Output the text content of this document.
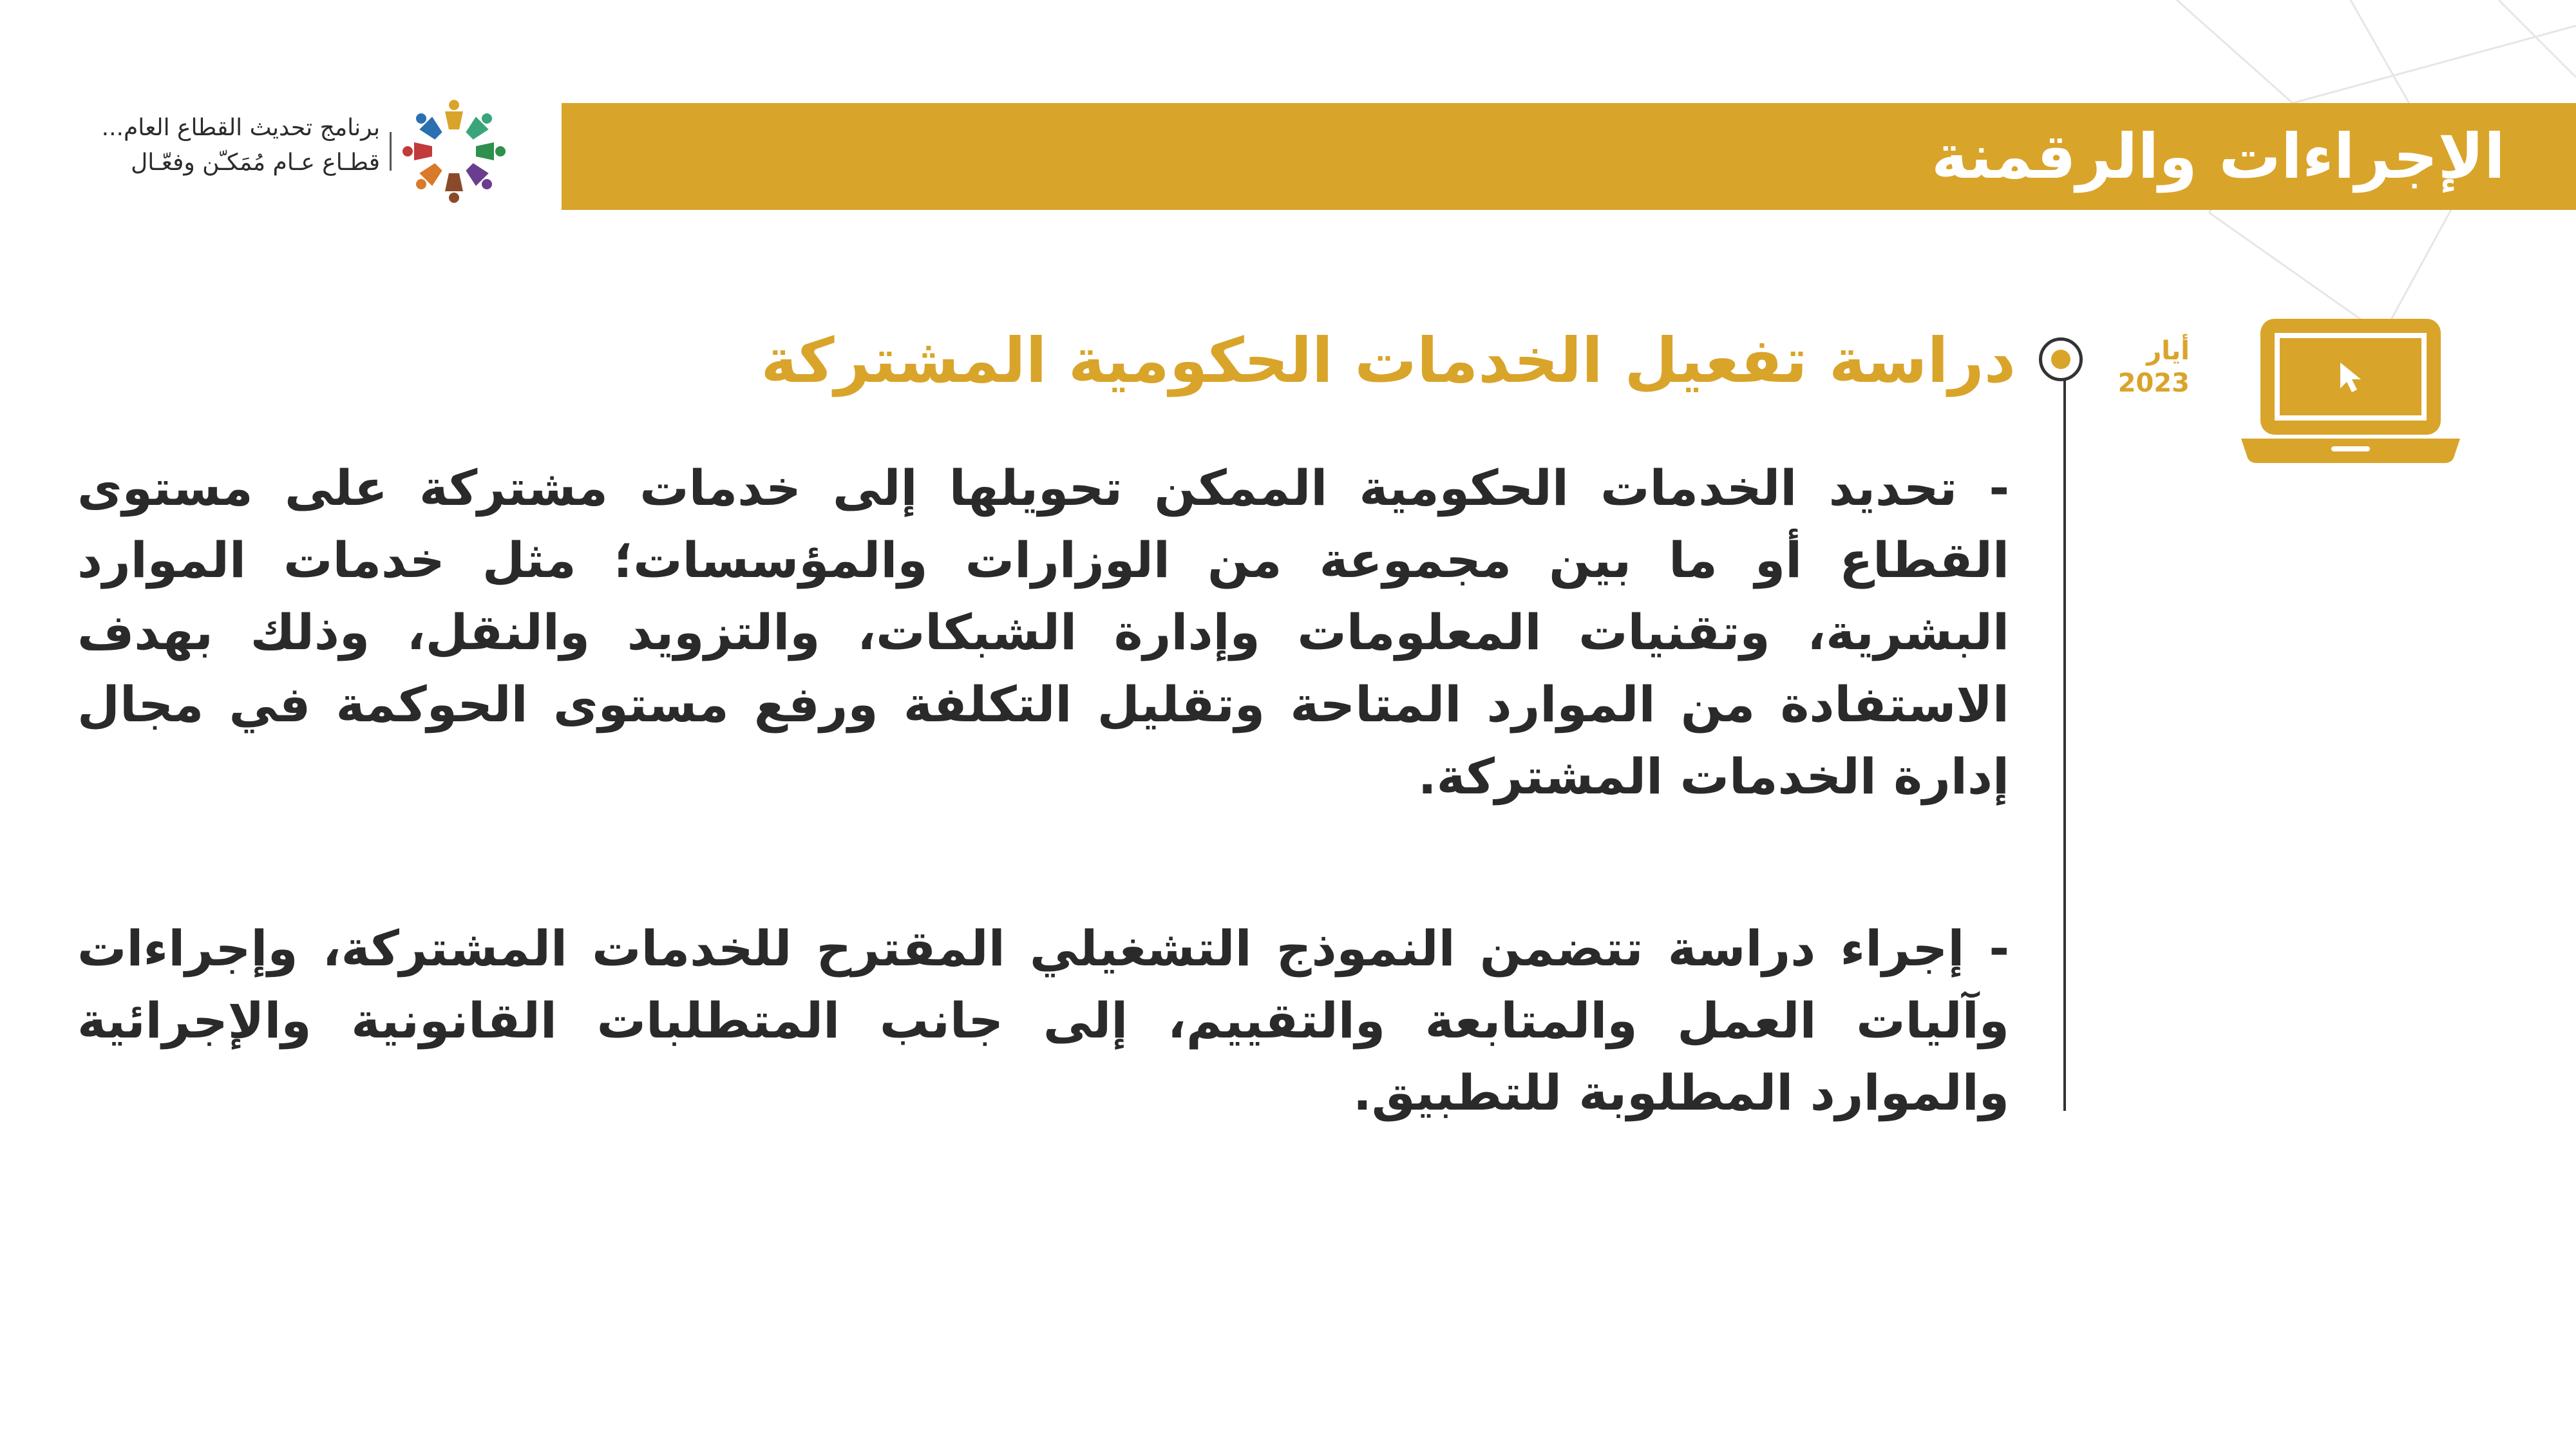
الإجراءات والرقمنة
برنامج تحديث القطاع العام...
قطـاع عـام مُمَكـّن وفعّـال
أيار
2023
دراسة تفعيل الخدمات الحكومية المشتركة
- تحديد الخدمات الحكومية الممكن تحويلها إلى خدمات مشتركة على مستوى القطاع أو ما بين مجموعة من الوزارات والمؤسسات؛ مثل خدمات الموارد البشرية، وتقنيات المعلومات وإدارة الشبكات، والتزويد والنقل، وذلك بهدف الاستفادة من الموارد المتاحة وتقليل التكلفة ورفع مستوى الحوكمة في مجال إدارة الخدمات المشتركة.
- إجراء دراسة تتضمن النموذج التشغيلي المقترح للخدمات المشتركة، وإجراءات وآليات العمل والمتابعة والتقييم، إلى جانب المتطلبات القانونية والإجرائية والموارد المطلوبة للتطبيق.
